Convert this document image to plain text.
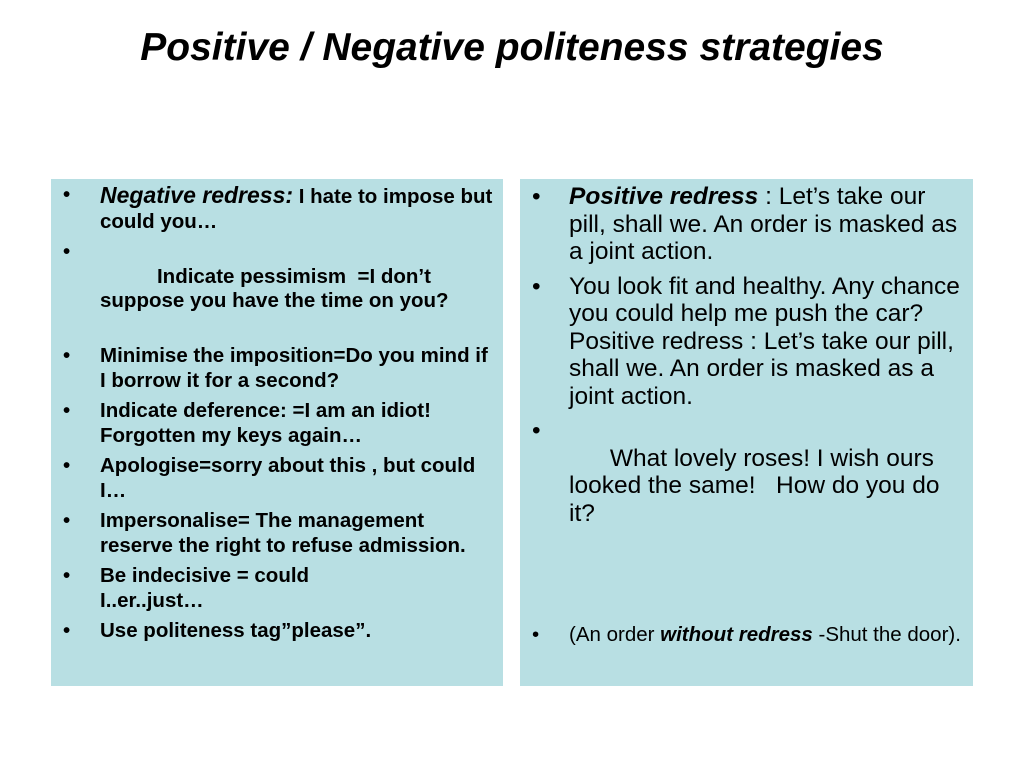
Positive / Negative politeness strategies
• Negative redress: I hate to impose but could you…

•
Indicate pessimism  =I don’t suppose you have the time on you?

• Minimise the imposition=Do you mind if I borrow it for a second?
• Indicate deference: =I am an idiot! Forgotten my keys again…
• Apologise=sorry about this , but could I…
• Impersonalise= The management reserve the right to refuse admission.
• Be indecisive = could I..er..just…
• Use politeness tag”please”.
• Positive redress : Let’s take our pill, shall we. An order is masked as a joint action.
• You look fit and healthy. Any chance you could help me push the car? Positive redress : Let’s take our pill, shall we. An order is masked as a joint action.

•
What lovely roses! I wish ours looked the same!   How do you do it?

• (An order without redress -Shut the door).
